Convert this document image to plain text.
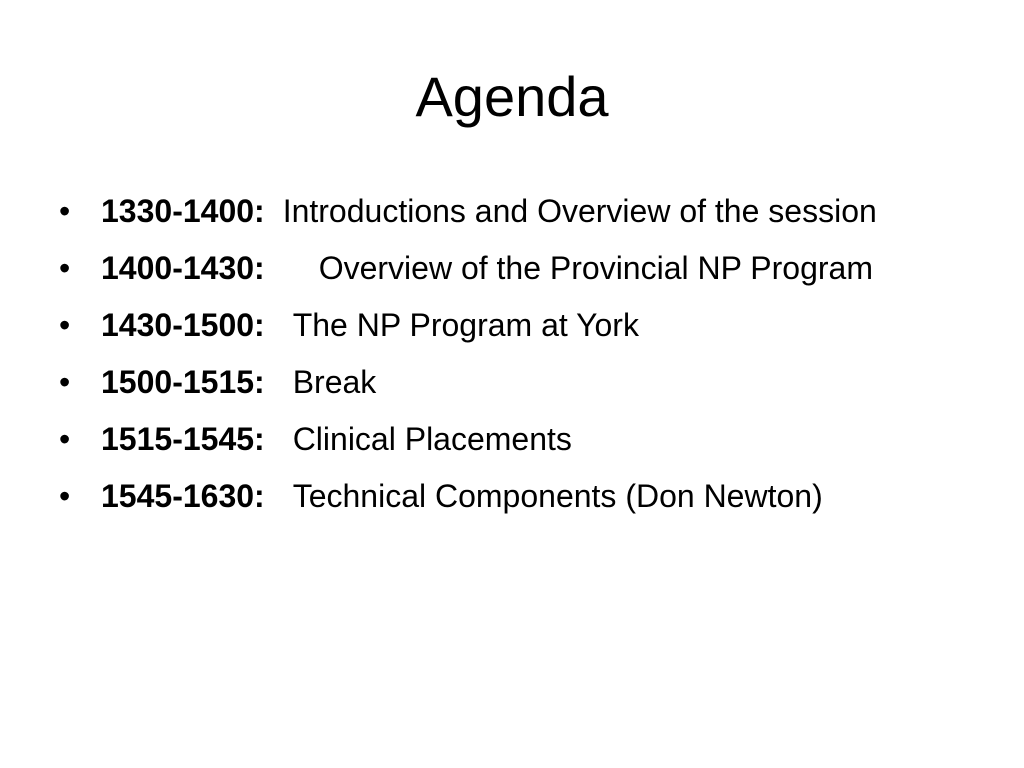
Agenda
• 1330-1400: Introductions and Overview of the session
• 1400-1430: Overview of the Provincial NP Program
• 1430-1500: The NP Program at York
• 1500-1515: Break
• 1515-1545: Clinical Placements
• 1545-1630: Technical Components (Don Newton)
